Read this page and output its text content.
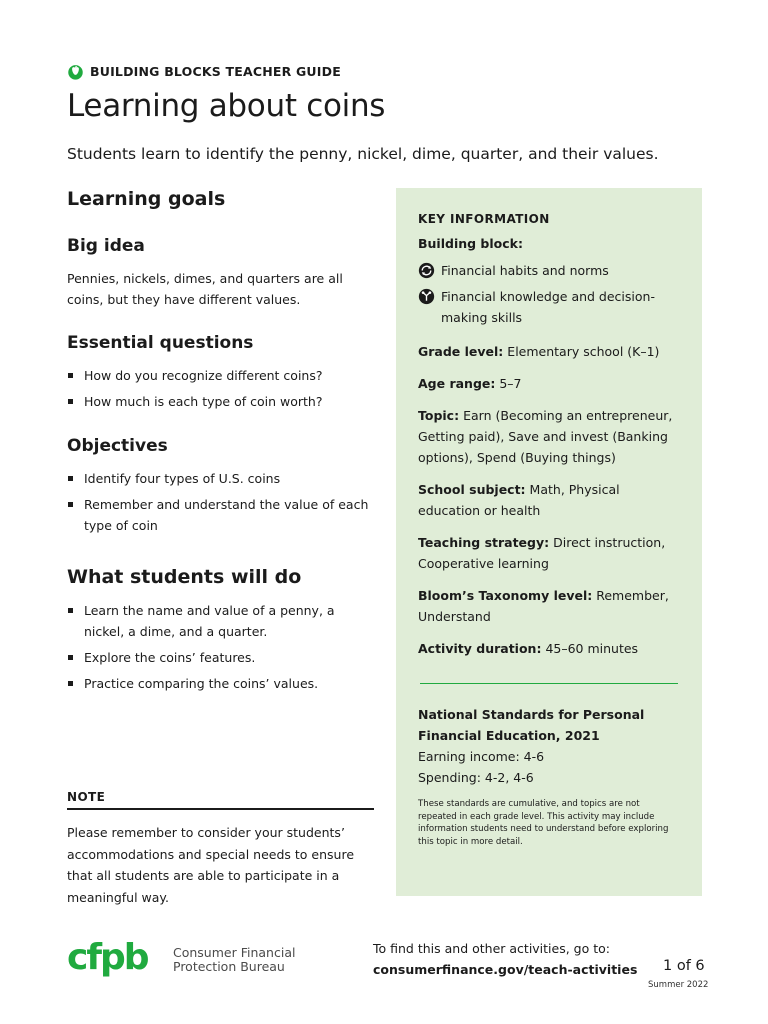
BUILDING BLOCKS TEACHER GUIDE
Learning about coins

Students learn to identify the penny, nickel, dime, quarter, and their values.

Learning goals
Big idea

Pennies, nickels, dimes, and quarters are all coins, but they have different values.

Essential questions
How do you recognize different coins?
How much is each type of coin worth?
Objectives
Identify four types of U.S. coins
Remember and understand the value of each type of coin
What students will do
Learn the name and value of a penny, a nickel, a dime, and a quarter.
Explore the coins’ features.
Practice comparing the coins’ values.
NOTE

Please remember to consider your students’ accommodations and special needs to ensure that all students are able to participate in a meaningful way.

KEY INFORMATION
Building block:
Financial habits and norms
Financial knowledge and decision-making skills
Grade level: Elementary school (K–1)
Age range: 5–7
Topic: Earn (Becoming an entrepreneur, Getting paid), Save and invest (Banking options), Spend (Buying things)
School subject: Math, Physical education or health
Teaching strategy: Direct instruction, Cooperative learning
Bloom’s Taxonomy level: Remember, Understand
Activity duration: 45–60 minutes
National Standards for Personal Financial Education, 2021
Earning income: 4-6
Spending: 4-2, 4-6

These standards are cumulative, and topics are not repeated in each grade level. This activity may include information students need to understand before exploring this topic in more detail.

cfpb Consumer Financial
Protection Bureau
To find this and other activities, go to:
consumerfinance.gov/teach-activities 1 of 6
Summer 2022
